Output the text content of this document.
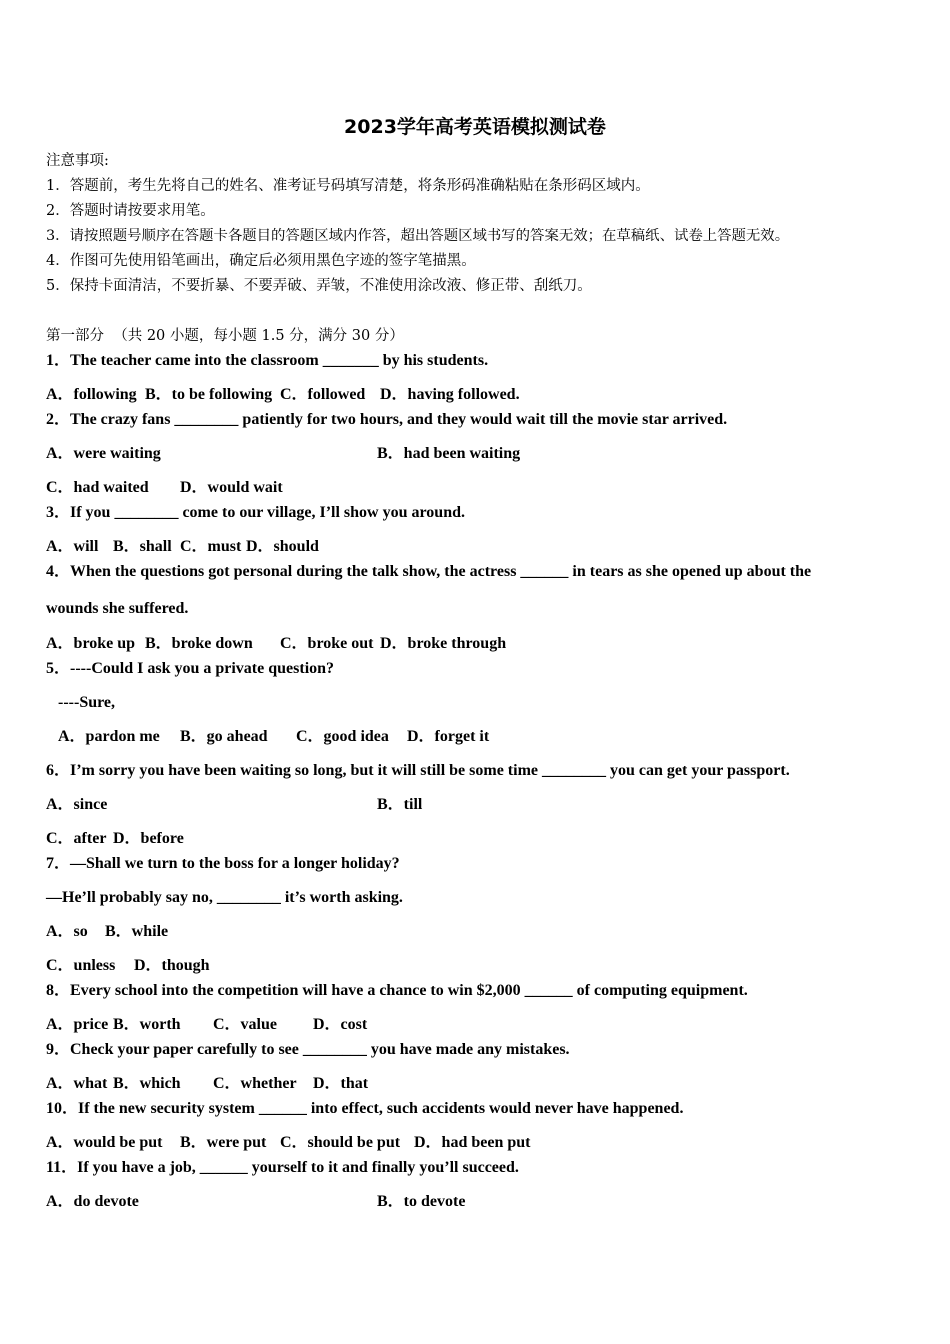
2023学年高考英语模拟测试卷
注意事项:
1．答题前，考生先将自己的姓名、准考证号码填写清楚，将条形码准确粘贴在条形码区域内。
2．答题时请按要求用笔。
3．请按照题号顺序在答题卡各题目的答题区域内作答，超出答题区域书写的答案无效；在草稿纸、试卷上答题无效。
4．作图可先使用铅笔画出，确定后必须用黑色字迹的签字笔描黑。
5．保持卡面清洁，不要折暴、不要弄破、弄皱，不准使用涂改液、修正带、刮纸刀。
第一部分  （共 20 小题，每小题 1.5 分，满分 30 分）
1．The teacher came into the classroom _______ by his students.
A．following B．to be following C．followed D．having followed.
2．The crazy fans ________ patiently for two hours, and they would wait till the movie star arrived.
A．were waiting	B．had been waiting
C．had waited D．would wait
3．If you ________ come to our village, I’ll show you around.
A．will B．shall C．must D．should
4．When the questions got personal during the talk show, the actress ______ in tears as she opened up about the
wounds she suffered.
A．broke up B．broke down C．broke out D．broke through
5．----Could I ask you a private question?
----Sure,
A．pardon me B．go ahead C．good idea D．forget it
6．I’m sorry you have been waiting so long, but it will still be some time ________ you can get your passport.
A．since	B．till
C．after D．before
7．—Shall we turn to the boss for a longer holiday?
—He’ll probably say no, ________ it’s worth asking.
A．so B．while
C．unless D．though
8．Every school into the competition will have a chance to win $2,000 ______ of computing equipment.
A．price B．worth C．value D．cost
9．Check your paper carefully to see ________ you have made any mistakes.
A．what B．which C．whether D．that
10．If the new security system ______ into effect, such accidents would never have happened.
A．would be put B．were put C．should be put D．had been put
11．If you have a job, ______ yourself to it and finally you’ll succeed.
A．do devote	B．to devote
